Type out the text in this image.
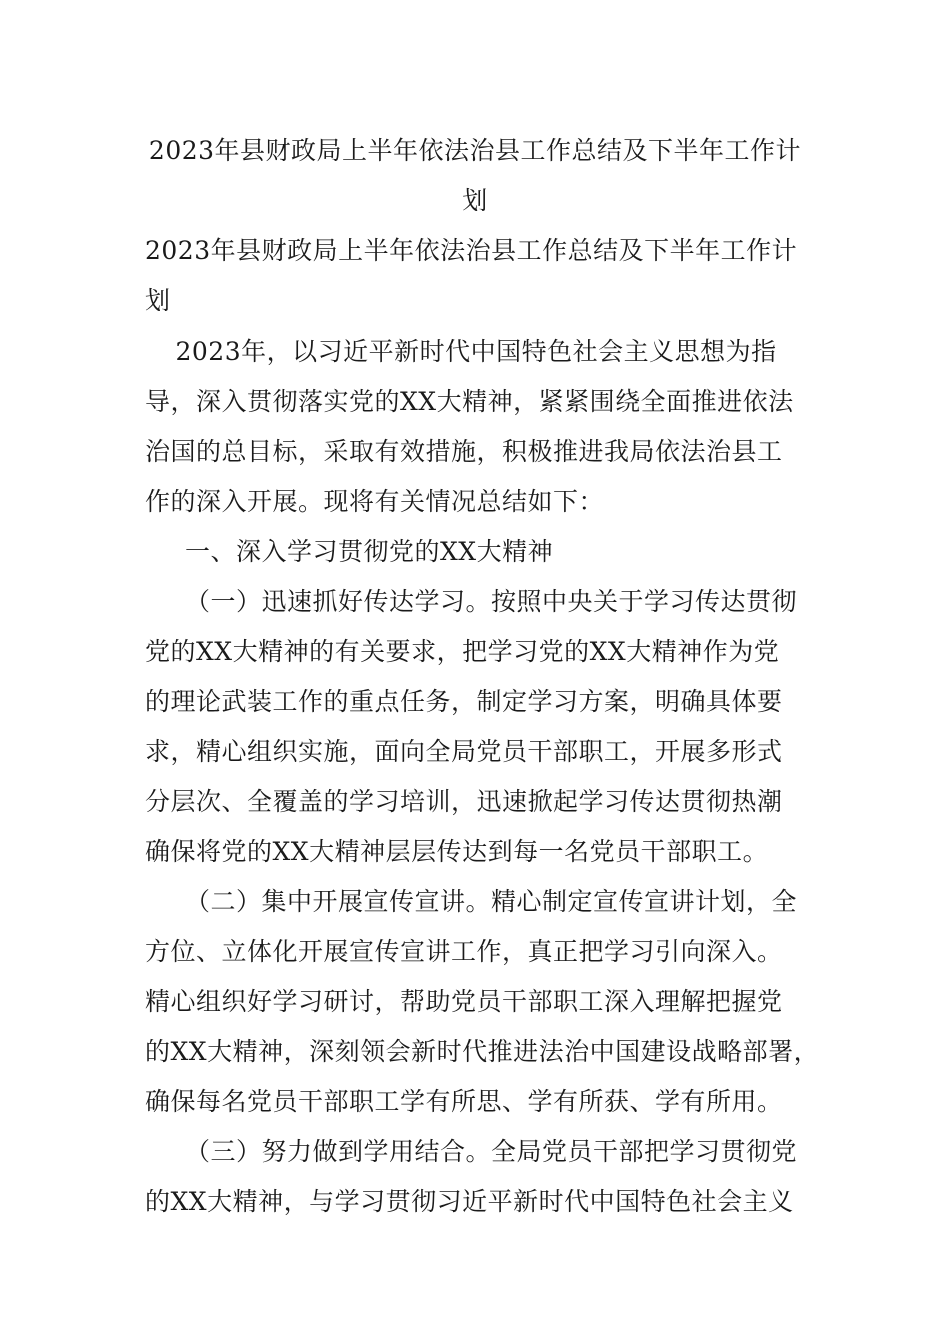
2023年县财政局上半年依法治县工作总结及下半年工作计
划
2023年县财政局上半年依法治县工作总结及下半年工作计
划
　2023年，以习近平新时代中国特色社会主义思想为指
导，深入贯彻落实党的XX大精神，紧紧围绕全面推进依法
治国的总目标，采取有效措施，积极推进我局依法治县工
作的深入开展。现将有关情况总结如下：
一、深入学习贯彻党的XX大精神
（一）迅速抓好传达学习。按照中央关于学习传达贯彻
党的XX大精神的有关要求，把学习党的XX大精神作为党
的理论武装工作的重点任务，制定学习方案，明确具体要
求，精心组织实施，面向全局党员干部职工，开展多形式
分层次、全覆盖的学习培训，迅速掀起学习传达贯彻热潮
确保将党的XX大精神层层传达到每一名党员干部职工。
（二）集中开展宣传宣讲。精心制定宣传宣讲计划，全
方位、立体化开展宣传宣讲工作，真正把学习引向深入。
精心组织好学习研讨，帮助党员干部职工深入理解把握党
的XX大精神，深刻领会新时代推进法治中国建设战略部署，
确保每名党员干部职工学有所思、学有所获、学有所用。
（三）努力做到学用结合。全局党员干部把学习贯彻党
的XX大精神，与学习贯彻习近平新时代中国特色社会主义
